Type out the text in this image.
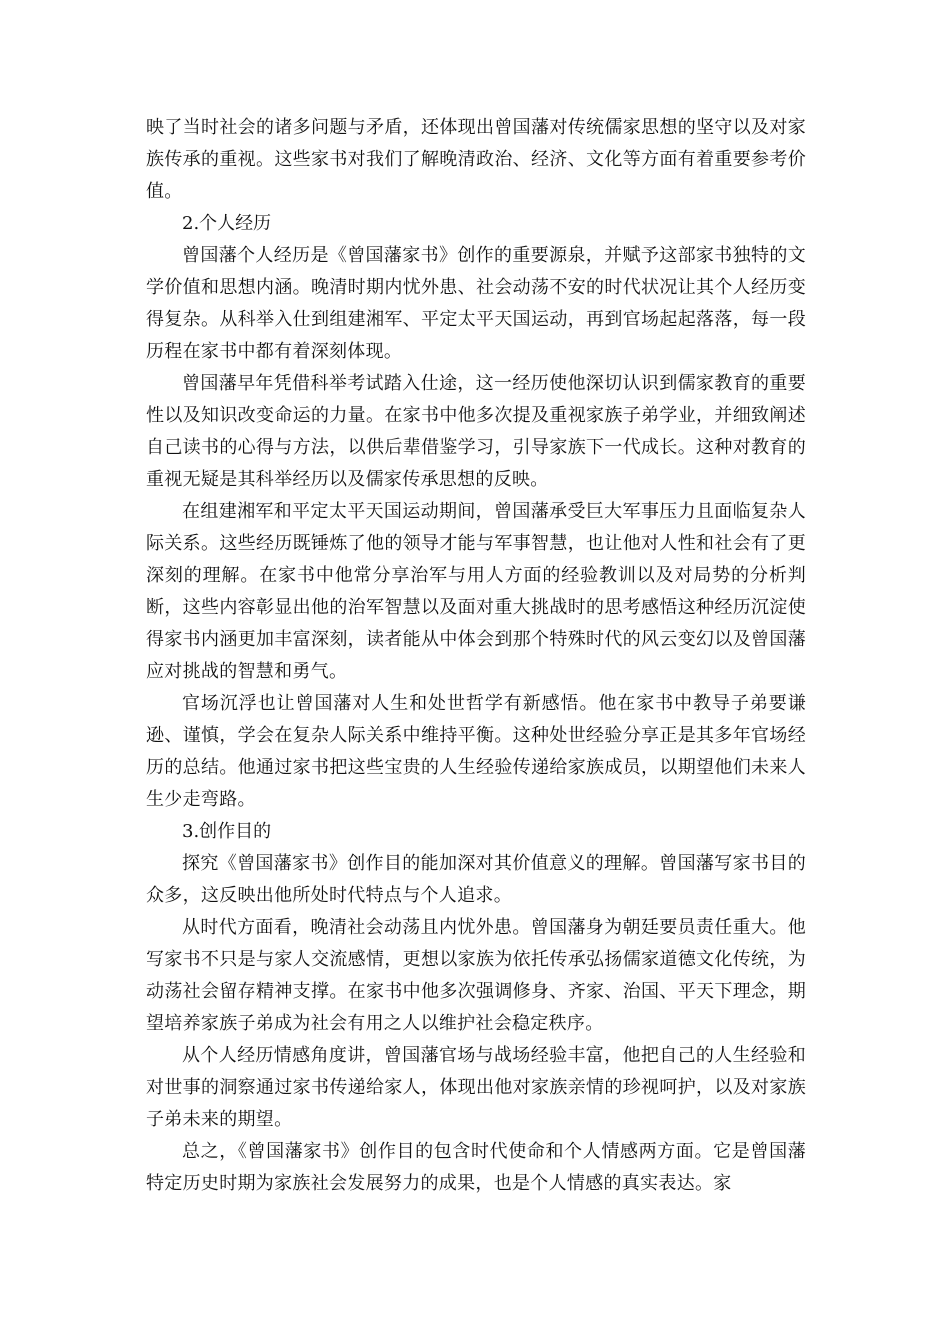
映了当时社会的诸多问题与矛盾，还体现出曾国藩对传统儒家思想的坚守以及对家族传承的重视。这些家书对我们了解晚清政治、经济、文化等方面有着重要参考价值。

2.个人经历

曾国藩个人经历是《曾国藩家书》创作的重要源泉，并赋予这部家书独特的文学价值和思想内涵。晚清时期内忧外患、社会动荡不安的时代状况让其个人经历变得复杂。从科举入仕到组建湘军、平定太平天国运动，再到官场起起落落，每一段历程在家书中都有着深刻体现。

曾国藩早年凭借科举考试踏入仕途，这一经历使他深切认识到儒家教育的重要性以及知识改变命运的力量。在家书中他多次提及重视家族子弟学业，并细致阐述自己读书的心得与方法，以供后辈借鉴学习，引导家族下一代成长。这种对教育的重视无疑是其科举经历以及儒家传承思想的反映。

在组建湘军和平定太平天国运动期间，曾国藩承受巨大军事压力且面临复杂人际关系。这些经历既锤炼了他的领导才能与军事智慧，也让他对人性和社会有了更深刻的理解。在家书中他常分享治军与用人方面的经验教训以及对局势的分析判断，这些内容彰显出他的治军智慧以及面对重大挑战时的思考感悟这种经历沉淀使得家书内涵更加丰富深刻，读者能从中体会到那个特殊时代的风云变幻以及曾国藩应对挑战的智慧和勇气。

官场沉浮也让曾国藩对人生和处世哲学有新感悟。他在家书中教导子弟要谦逊、谨慎，学会在复杂人际关系中维持平衡。这种处世经验分享正是其多年官场经历的总结。他通过家书把这些宝贵的人生经验传递给家族成员，以期望他们未来人生少走弯路。

3.创作目的

探究《曾国藩家书》创作目的能加深对其价值意义的理解。曾国藩写家书目的众多，这反映出他所处时代特点与个人追求。

从时代方面看，晚清社会动荡且内忧外患。曾国藩身为朝廷要员责任重大。他写家书不只是与家人交流感情，更想以家族为依托传承弘扬儒家道德文化传统，为动荡社会留存精神支撑。在家书中他多次强调修身、齐家、治国、平天下理念，期望培养家族子弟成为社会有用之人以维护社会稳定秩序。

从个人经历情感角度讲，曾国藩官场与战场经验丰富，他把自己的人生经验和对世事的洞察通过家书传递给家人，体现出他对家族亲情的珍视呵护，以及对家族子弟未来的期望。

总之，《曾国藩家书》创作目的包含时代使命和个人情感两方面。它是曾国藩特定历史时期为家族社会发展努力的成果，也是个人情感的真实表达。家
